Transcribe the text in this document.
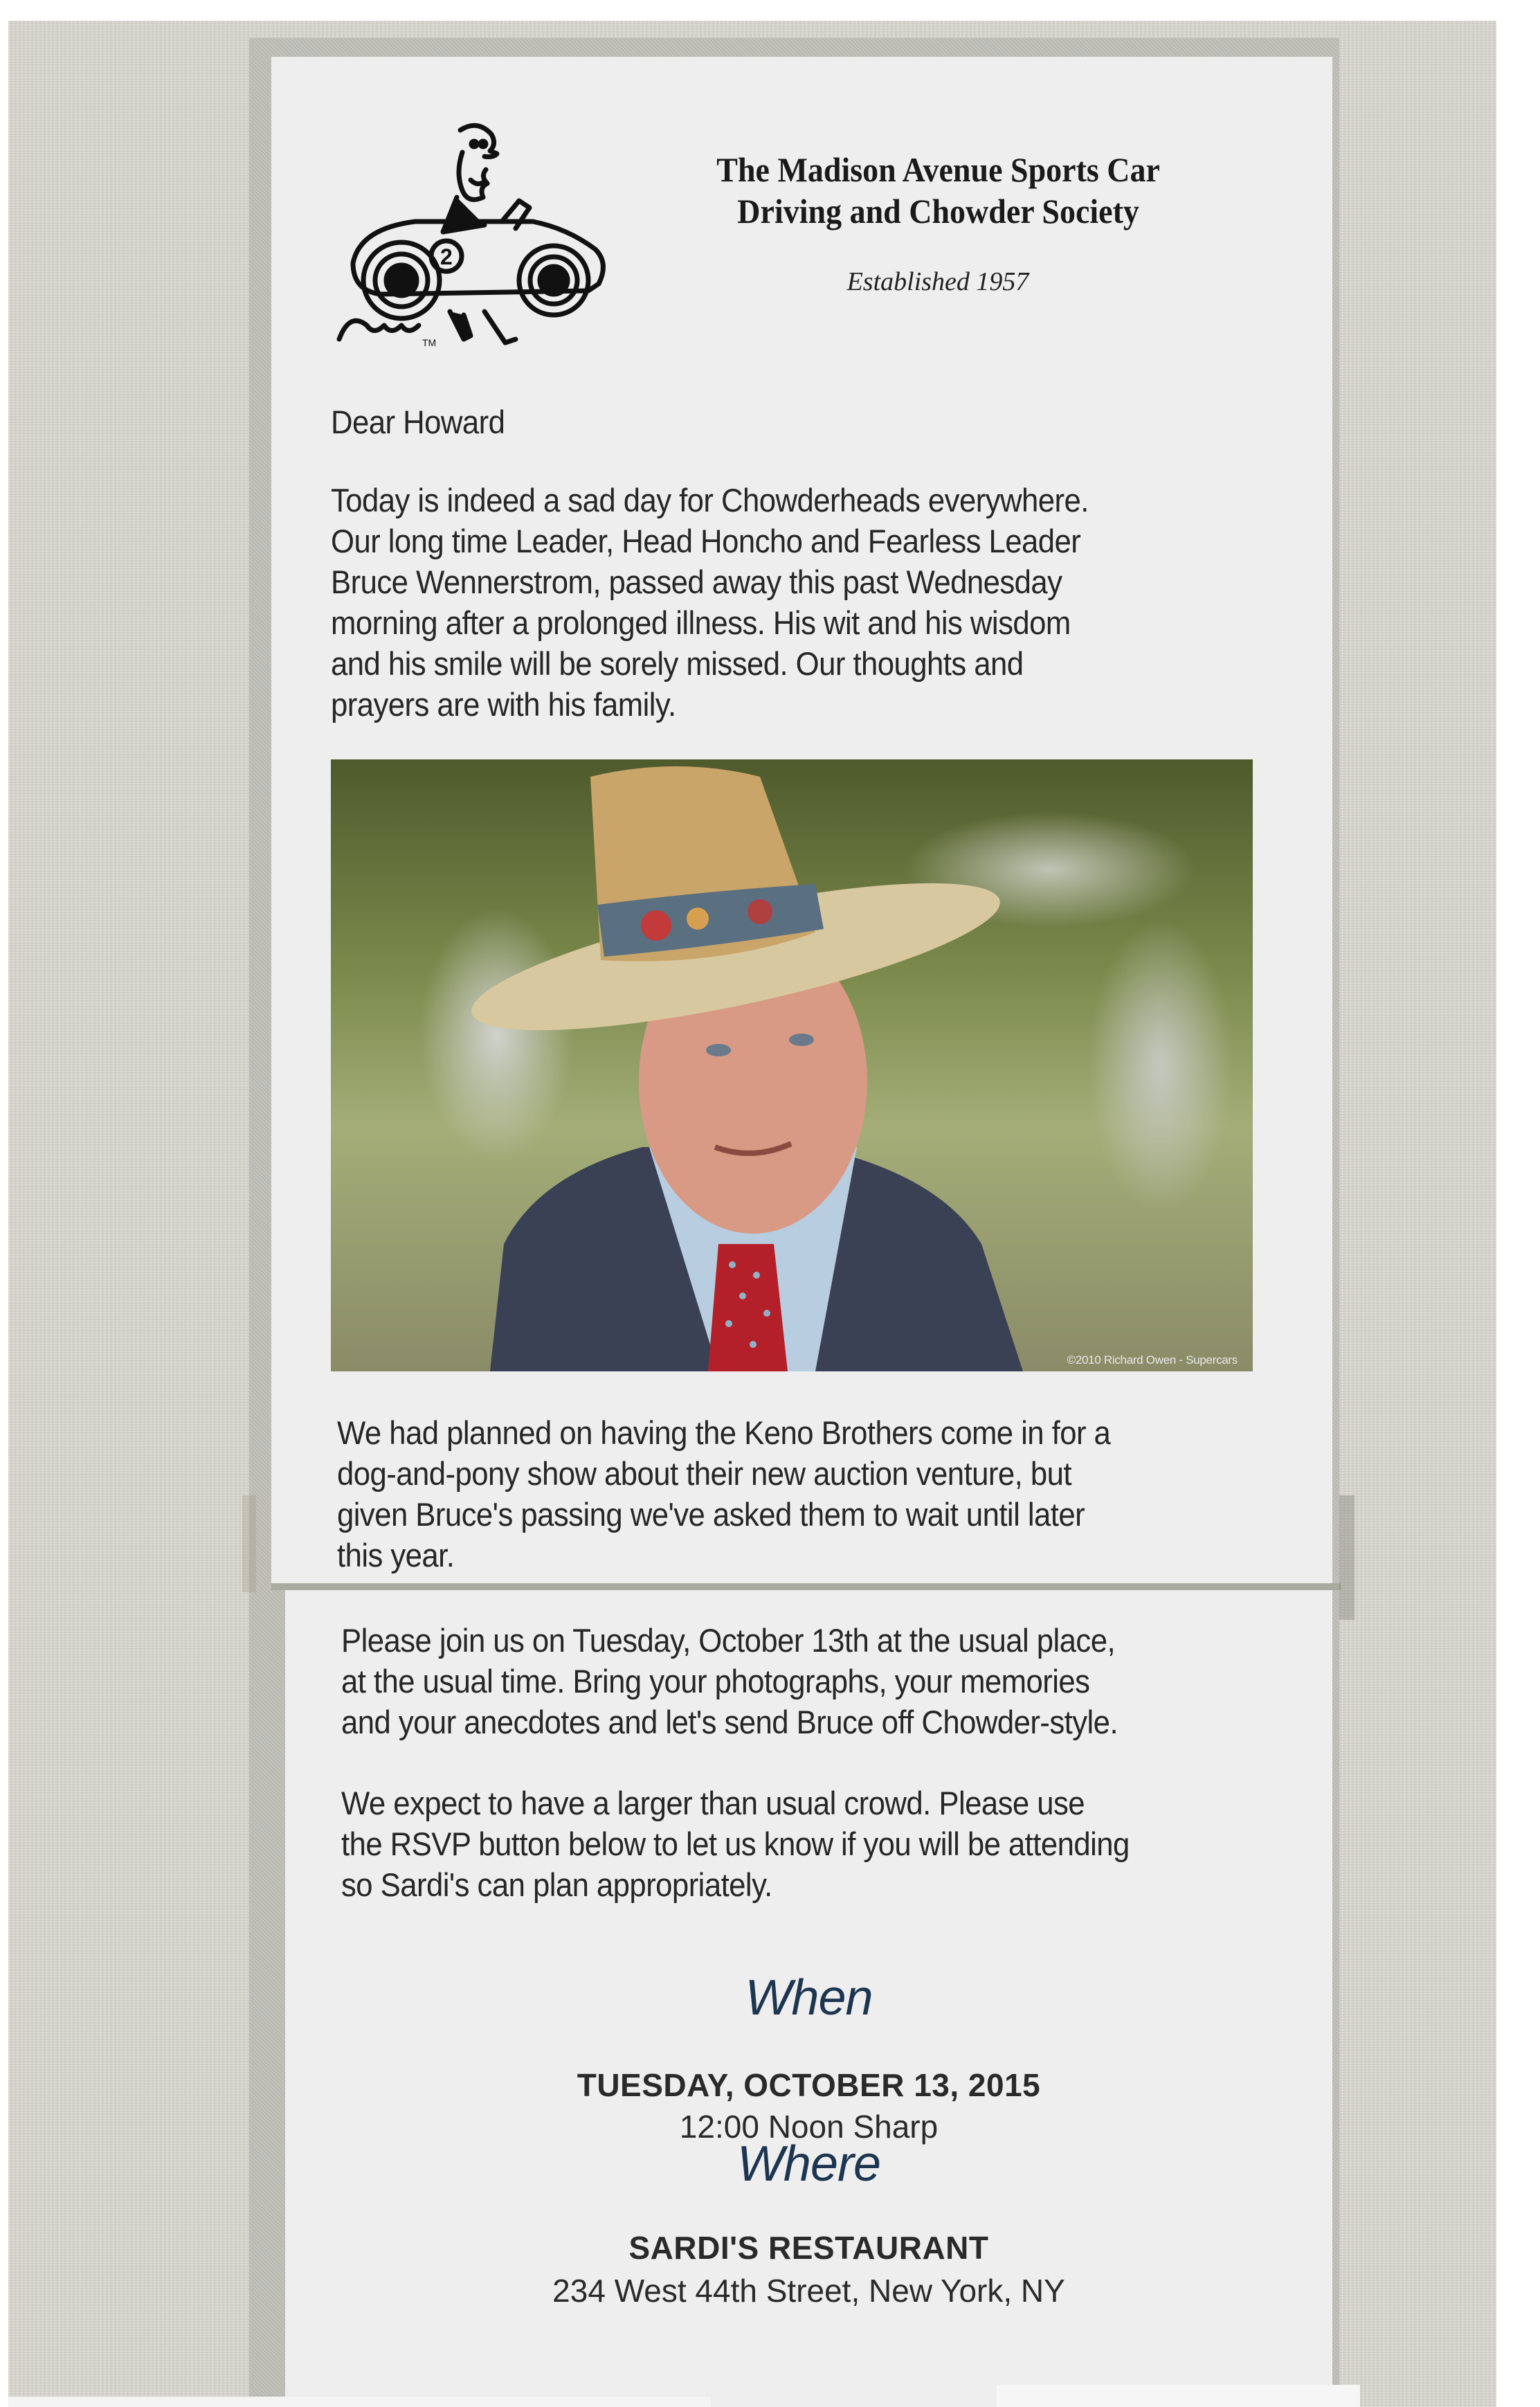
2
TM
The Madison Avenue Sports Car
Driving and Chowder Society
Established 1957
Dear Howard
Today is indeed a sad day for Chowderheads everywhere.
Our long time Leader, Head Honcho and Fearless Leader
Bruce Wennerstrom, passed away this past Wednesday
morning after a prolonged illness. His wit and his wisdom
and his smile will be sorely missed. Our thoughts and
prayers are with his family.
©2010 Richard Owen - Supercars
We had planned on having the Keno Brothers come in for a
dog-and-pony show about their new auction venture, but
given Bruce's passing we've asked them to wait until later
this year.
Please join us on Tuesday, October 13th at the usual place,
at the usual time. Bring your photographs, your memories
and your anecdotes and let's send Bruce off Chowder-style.
We expect to have a larger than usual crowd. Please use
the RSVP button below to let us know if you will be attending
so Sardi's can plan appropriately.
When
TUESDAY, OCTOBER 13, 2015
12:00 Noon Sharp
Where
SARDI'S RESTAURANT
234 West 44th Street, New York, NY
